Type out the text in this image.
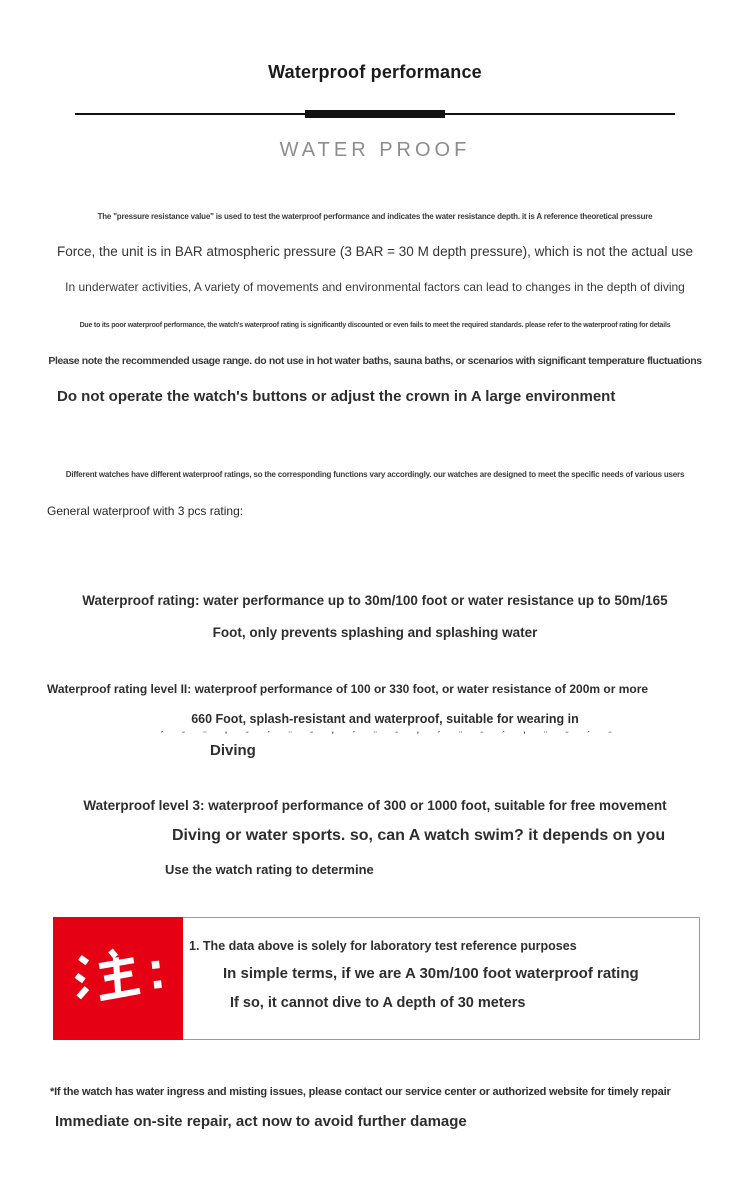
Waterproof performance
WATER PROOF
The "pressure resistance value" is used to test the waterproof performance and indicates the water resistance depth. it is A reference theoretical pressure
Force, the unit is in BAR atmospheric pressure (3 BAR = 30 M depth pressure), which is not the actual use
In underwater activities, A variety of movements and environmental factors can lead to changes in the depth of diving
Due to its poor waterproof performance, the watch's waterproof rating is significantly discounted or even fails to meet the required standards. please refer to the waterproof rating for details
Please note the recommended usage range. do not use in hot water baths, sauna baths, or scenarios with significant temperature fluctuations
Do not operate the watch's buttons or adjust the crown in A large environment
Different watches have different waterproof ratings, so the corresponding functions vary accordingly. our watches are designed to meet the specific needs of various users
General waterproof with 3 pcs rating:
Waterproof rating: water performance up to 30m/100 foot or water resistance up to 50m/165
Foot, only prevents splashing and splashing water
Waterproof rating level II: waterproof performance of 100 or 330 foot, or water resistance of 200m or more
660 Foot, splash-resistant and waterproof, suitable for wearing in
´ ˉ ¨ ' ˉ ´ ¨ ˉ ' ´ ¨ ˉ ' ´ ¨ ˉ ´ ' ¨ ˉ ´ ˉ
Diving
Waterproof level 3: waterproof performance of 300 or 1000 foot, suitable for free movement
Diving or water sports. so, can A watch swim? it depends on you
Use the watch rating to determine
1. The data above is solely for laboratory test reference purposes
In simple terms, if we are A 30m/100 foot waterproof rating
If so, it cannot dive to A depth of 30 meters
*If the watch has water ingress and misting issues, please contact our service center or authorized website for timely repair
Immediate on-site repair, act now to avoid further damage
